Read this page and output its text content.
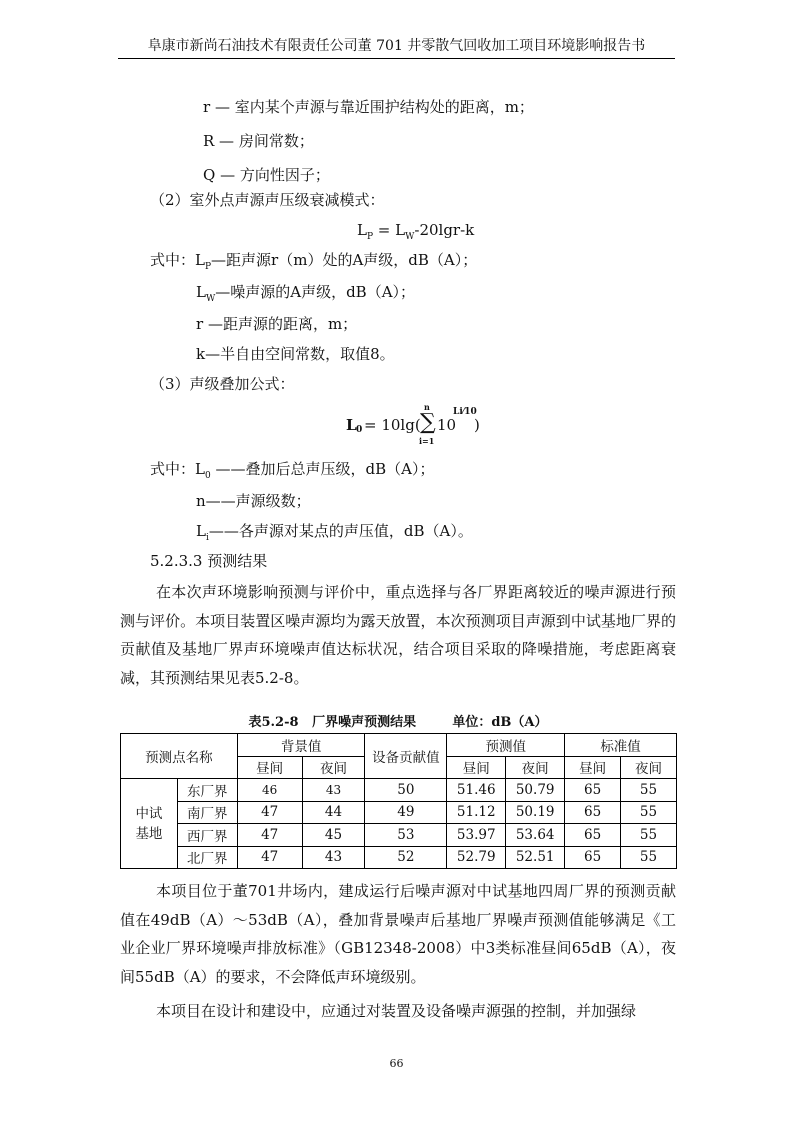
阜康市新尚石油技术有限责任公司董 701 井零散气回收加工项目环境影响报告书
r — 室内某个声源与靠近围护结构处的距离，m；
R — 房间常数；
Q — 方向性因子；
（2）室外点声源声压级衰减模式：
$L_P = L_W-20\lg r-k$
式中：$L_P—$距声源r（m）处的A声级，dB（A）；
$L_W—$噪声源的A声级，dB（A）；
r —距声源的距离，m；
k—半自由空间常数，取值8。
（3）声级叠加公式：
L 0 = 10lg(
n
∑
i=1
10
Li⁄10
)
式中：$L_0$ ——叠加后总声压级，dB（A）；
n——声源级数；
$L_i——$各声源对某点的声压值，dB（A）。
5.2.3.3 预测结果
在本次声环境影响预测与评价中，重点选择与各厂界距离较近的噪声源进行预测与评价。本项目装置区噪声源均为露天放置，本次预测项目声源到中试基地厂界的贡献值及基地厂界声环境噪声值达标状况，结合项目采取的降噪措施，考虑距离衰减，其预测结果见表5.2-8。
表5.2-8   厂界噪声预测结果        单位：dB（A）
预测点名称		背景值		设备贡献值	预测值		标准值	
		昼间	夜间		昼间	夜间	昼间	夜间
中试
基地	东厂界	46	43	50	51.46	50.79	65	55
	南厂界	47	44	49	51.12	50.19	65	55
	西厂界	47	45	53	53.97	53.64	65	55
	北厂界	47	43	52	52.79	52.51	65	55
本项目位于董701井场内，建成运行后噪声源对中试基地四周厂界的预测贡献值在49dB（A）～53dB（A），叠加背景噪声后基地厂界噪声预测值能够满足《工业企业厂界环境噪声排放标准》（GB12348-2008）中3类标准昼间65dB（A），夜间55dB（A）的要求，不会降低声环境级别。
本项目在设计和建设中，应通过对装置及设备噪声源强的控制，并加强绿
66
